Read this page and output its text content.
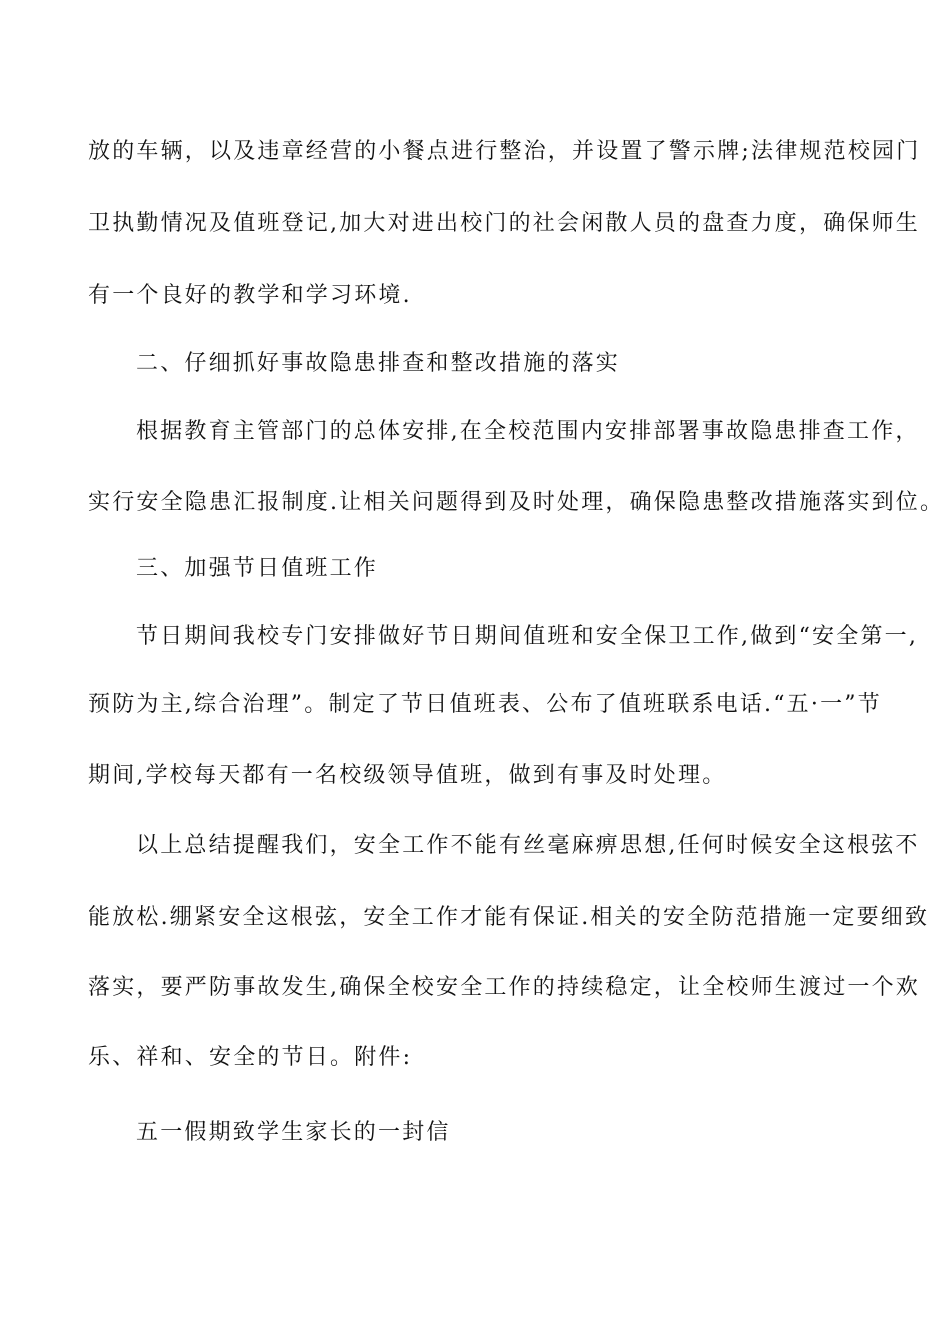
放的车辆，以及违章经营的小餐点进行整治，并设置了警示牌;法律规范校园门
卫执勤情况及值班登记,加大对进出校门的社会闲散人员的盘查力度，确保师生
有一个良好的教学和学习环境.
二、仔细抓好事故隐患排查和整改措施的落实
根据教育主管部门的总体安排,在全校范围内安排部署事故隐患排查工作，
实行安全隐患汇报制度.让相关问题得到及时处理，确保隐患整改措施落实到位。
三、加强节日值班工作
节日期间我校专门安排做好节日期间值班和安全保卫工作,做到“安全第一,
预防为主,综合治理”。制定了节日值班表、公布了值班联系电话.“五·一”节
期间,学校每天都有一名校级领导值班，做到有事及时处理。
以上总结提醒我们，安全工作不能有丝毫麻痹思想,任何时候安全这根弦不
能放松.绷紧安全这根弦，安全工作才能有保证.相关的安全防范措施一定要细致
落实，要严防事故发生,确保全校安全工作的持续稳定，让全校师生渡过一个欢
乐、祥和、安全的节日。附件:
五一假期致学生家长的一封信
